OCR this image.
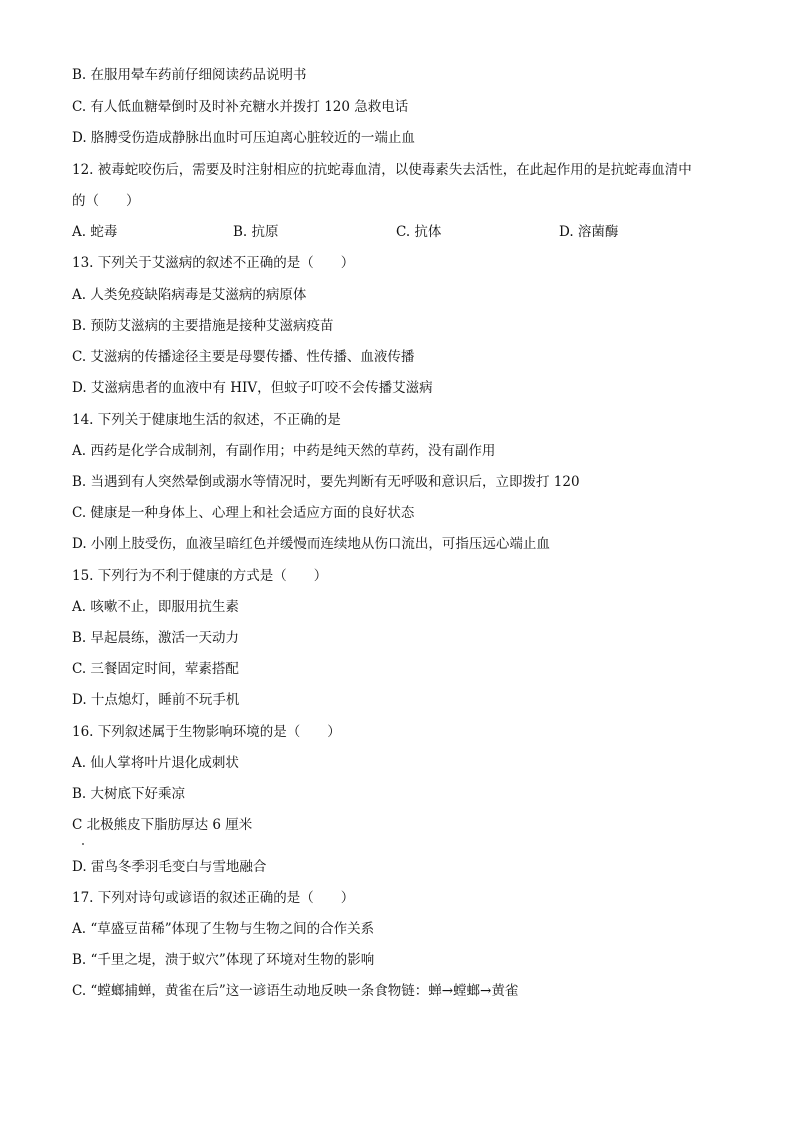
B. 在服用晕车药前仔细阅读药品说明书
C. 有人低血糖晕倒时及时补充糖水并拨打 120 急救电话
D. 胳膊受伤造成静脉出血时可压迫离心脏较近的一端止血
12. 被毒蛇咬伤后，需要及时注射相应的抗蛇毒血清，以使毒素失去活性，在此起作用的是抗蛇毒血清中
的（　　）
A. 蛇毒	B. 抗原	C. 抗体	D. 溶菌酶
13. 下列关于艾滋病的叙述不正确的是（　　）
A. 人类免疫缺陷病毒是艾滋病的病原体
B. 预防艾滋病的主要措施是接种艾滋病疫苗
C. 艾滋病的传播途径主要是母婴传播、性传播、血液传播
D. 艾滋病患者的血液中有 HIV，但蚊子叮咬不会传播艾滋病
14. 下列关于健康地生活的叙述，不正确的是
A. 西药是化学合成制剂，有副作用；中药是纯天然的草药，没有副作用
B. 当遇到有人突然晕倒或溺水等情况时，要先判断有无呼吸和意识后，立即拨打 120
C. 健康是一种身体上、心理上和社会适应方面的良好状态
D. 小刚上肢受伤，血液呈暗红色并缓慢而连续地从伤口流出，可指压远心端止血
15. 下列行为不利于健康的方式是（　　）
A. 咳嗽不止，即服用抗生素
B. 早起晨练，激活一天动力
C. 三餐固定时间，荤素搭配
D. 十点熄灯，睡前不玩手机
16. 下列叙述属于生物影响环境的是（　　）
A. 仙人掌将叶片退化成刺状
B. 大树底下好乘凉
C 北极熊皮下脂肪厚达 6 厘米
D. 雷鸟冬季羽毛变白与雪地融合
17. 下列对诗句或谚语的叙述正确的是（　　）
A. “草盛豆苗稀”体现了生物与生物之间的合作关系
B. “千里之堤，溃于蚁穴”体现了环境对生物的影响
C. “螳螂捕蝉，黄雀在后”这一谚语生动地反映一条食物链：蝉→螳螂→黄雀
